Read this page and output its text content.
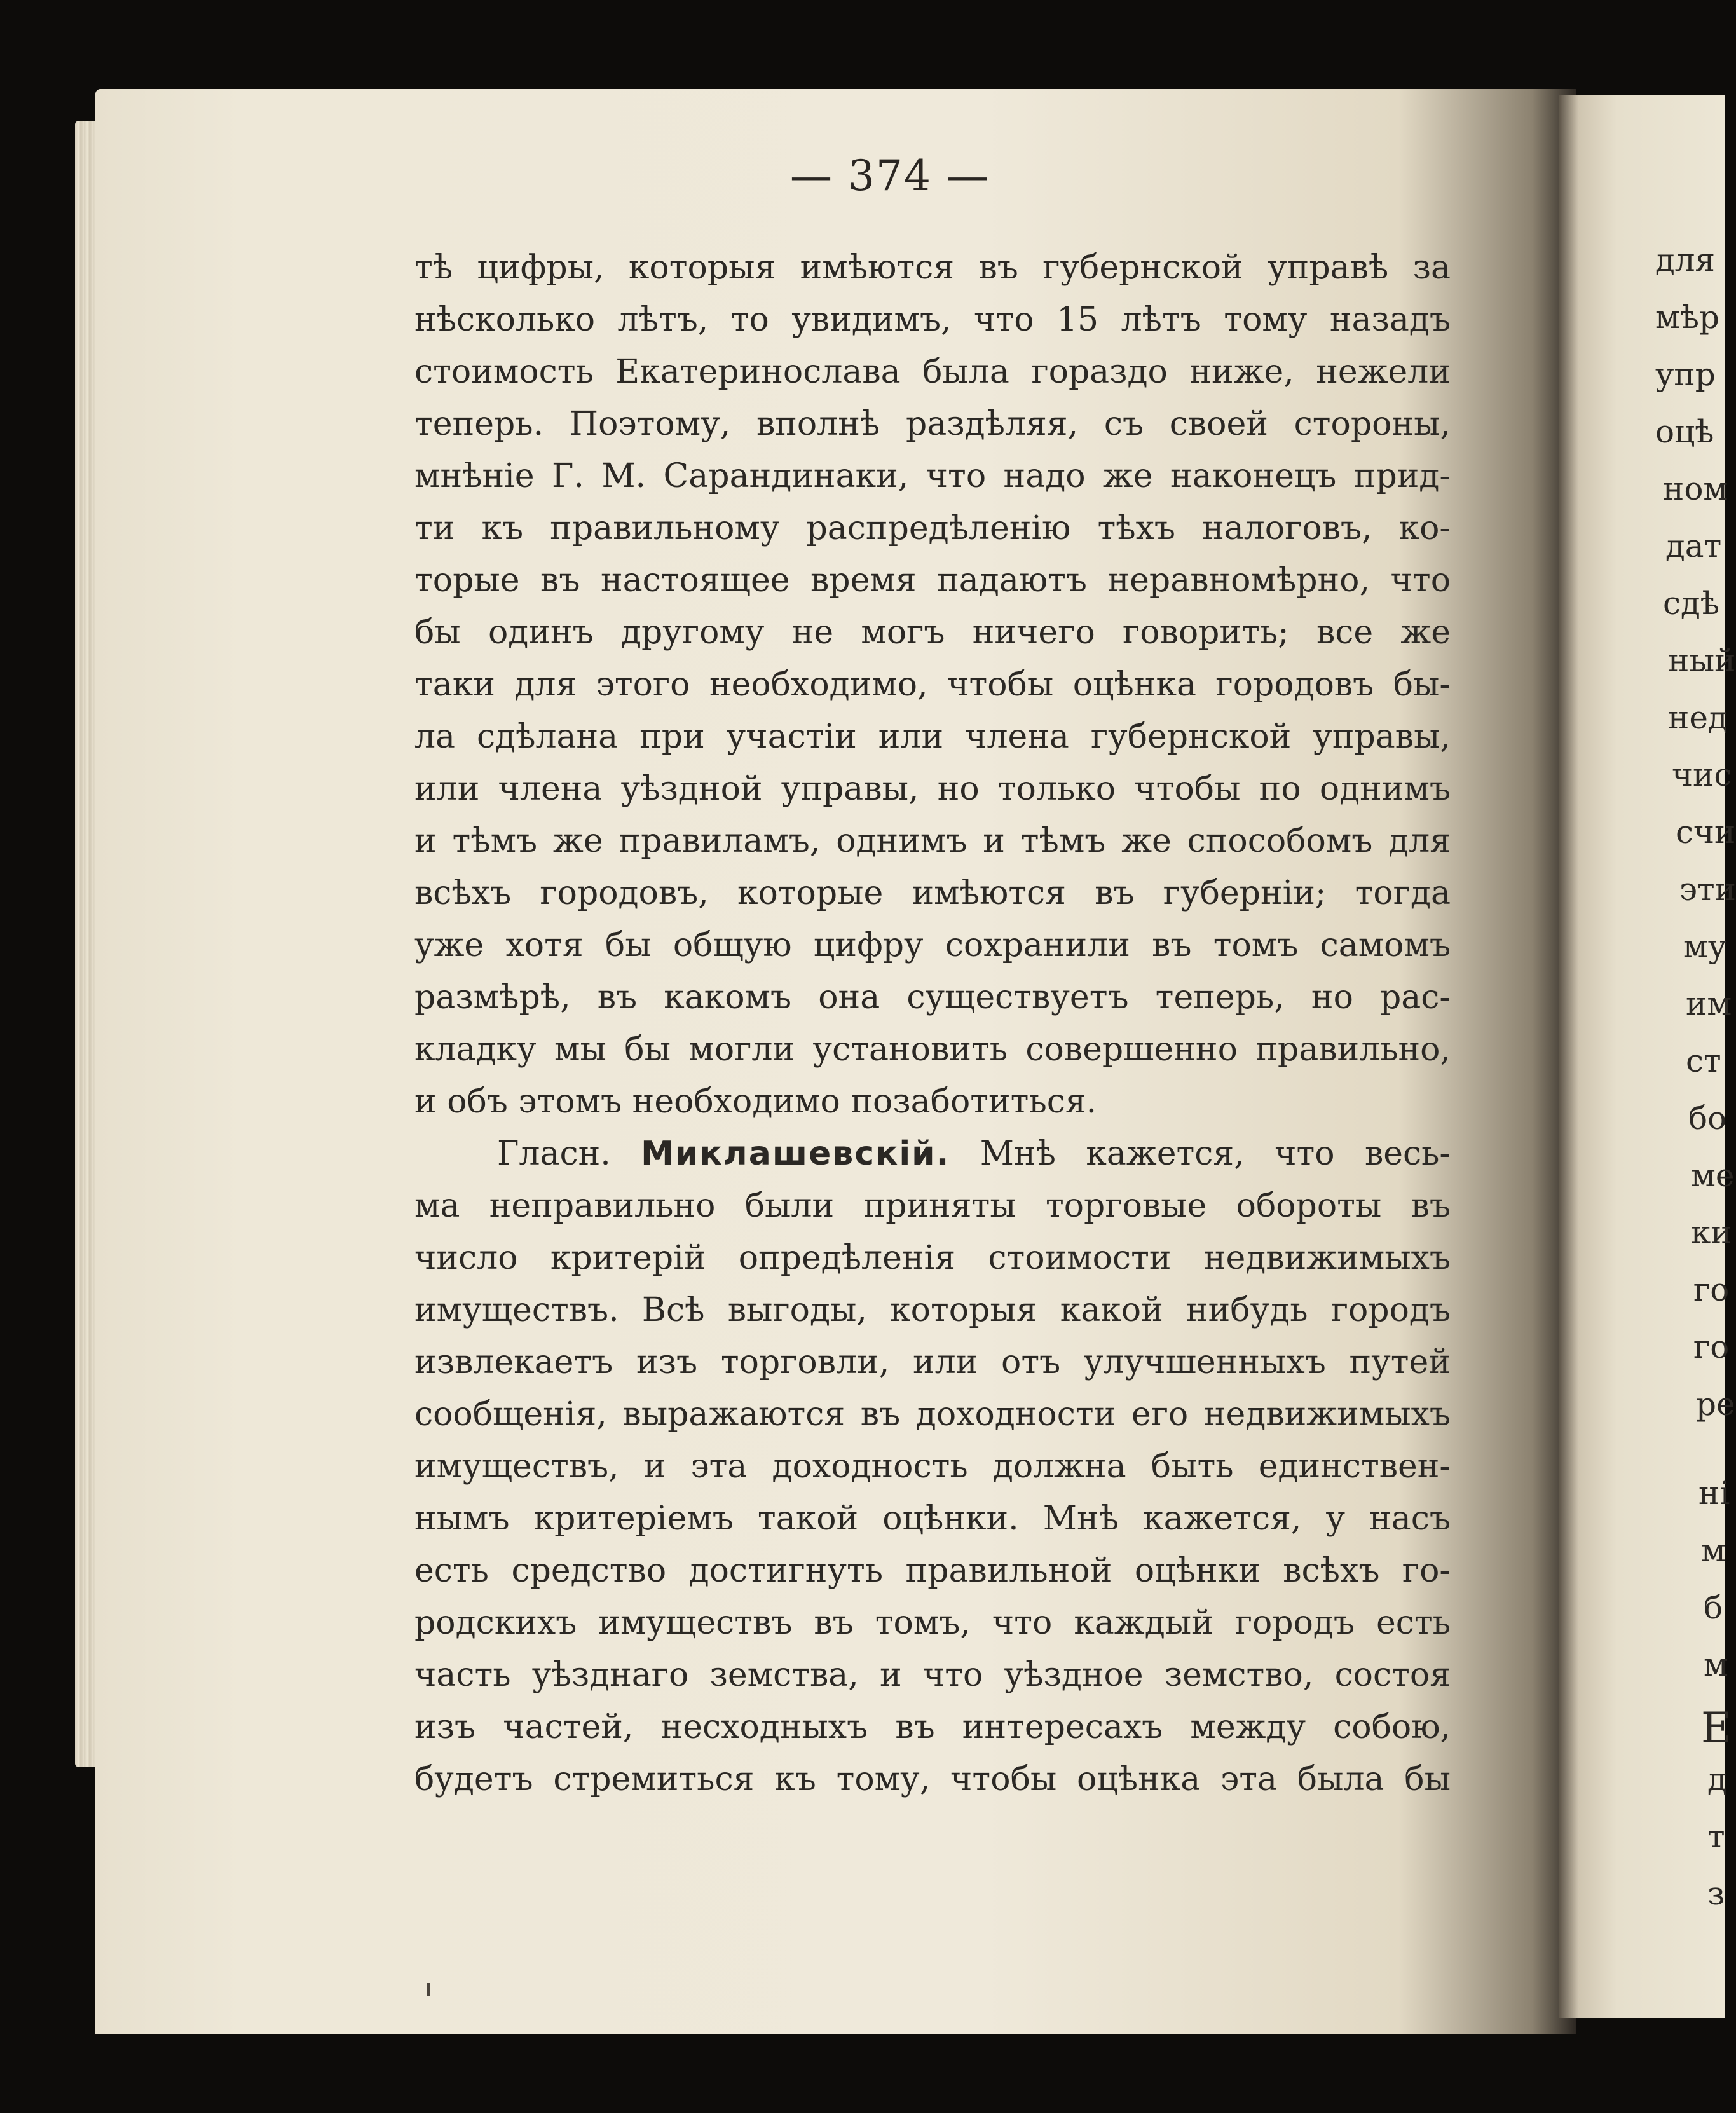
— 374 —
тѣ цифры, которыя имѣются въ губернской управѣ за
нѣсколько лѣтъ, то увидимъ, что 15 лѣтъ тому назадъ
стоимость Екатеринослава была гораздо ниже, нежели
теперь. Поэтому, вполнѣ раздѣляя, съ своей стороны,
мнѣніе Г. М. Сарандинаки, что надо же наконецъ прид-
ти къ правильному распредѣленію тѣхъ налоговъ, ко-
торые въ настоящее время падаютъ неравномѣрно, что
бы одинъ другому не могъ ничего говорить; все же
таки для этого необходимо, чтобы оцѣнка городовъ бы-
ла сдѣлана при участіи или члена губернской управы,
или члена уѣздной управы, но только чтобы по однимъ
и тѣмъ же правиламъ, однимъ и тѣмъ же способомъ для
всѣхъ городовъ, которые имѣются въ губерніи; тогда
уже хотя бы общую цифру сохранили въ томъ самомъ
размѣрѣ, въ какомъ она существуетъ теперь, но рас-
кладку мы бы могли установить совершенно правильно,
и объ этомъ необходимо позаботиться.
Гласн. Миклашевскій. Мнѣ кажется, что весь-
ма неправильно были приняты торговые обороты въ
число критерій опредѣленія стоимости недвижимыхъ
имуществъ. Всѣ выгоды, которыя какой нибудь городъ
извлекаетъ изъ торговли, или отъ улучшенныхъ путей
сообщенія, выражаются въ доходности его недвижимыхъ
имуществъ, и эта доходность должна быть единствен-
нымъ критеріемъ такой оцѣнки. Мнѣ кажется, у насъ
есть средство достигнуть правильной оцѣнки всѣхъ го-
родскихъ имуществъ въ томъ, что каждый городъ есть
часть уѣзднаго земства, и что уѣздное земство, состоя
изъ частей, несходныхъ въ интересахъ между собою,
будетъ стремиться къ тому, чтобы оцѣнка эта была бы
для
мѣр
упр
оцѣ
ном
дат
сдѣ
ный
нед
чис
счи
эти
му
им
ст
бо
ме
ки
го
го
ре
ні
м
б
м
Е
д
т
з
